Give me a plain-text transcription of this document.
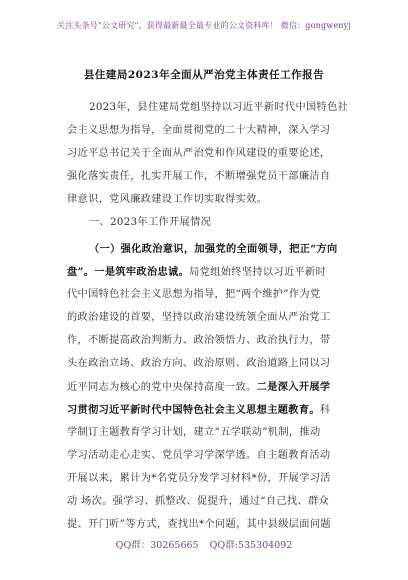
关注头条号"公文研究"，获得最新最全最专业的公文资料库！ 微信：gongwenyj
县住建局2023年全面从严治党主体责任工作报告
2023年，县住建局党组坚持以习近平新时代中国特色社
会主义思想为指导，全面贯彻党的二十大精神，深入学习
习近平总书记关于全面从严治党和作风建设的重要论述，
强化落实责任，扎实开展工作，不断增强党员干部廉洁自
律意识，党风廉政建设工作切实取得实效。
一、2023年工作开展情况
（一）强化政治意识，加强党的全面领导，把正“方向
盘”。一是筑牢政治忠诚。局党组始终坚持以习近平新时
代中国特色社会主义思想为指导，把“两个维护”作为党
的政治建设的首要，坚持以政治建设统领全面从严治党工
作，不断提高政治判断力、政治领悟力、政治执行力，带
头在政治立场、政治方向、政治原则、政治道路上同以习
近平同志为核心的党中央保持高度一致。二是深入开展学
习贯彻习近平新时代中国特色社会主义思想主题教育。科
学制订主题教育学习计划，建立“五学联动”机制，推动
学习活动走心走实、党员学习学深学透。自主题教育活动
开展以来，累计为*名党员分发学习材料*份，开展学习活
动 场次。强学习、抓整改、促提升，通过“自己找、群众
提、开门听”等方式，查找出*个问题，其中县级层面问题
QQ群：30265665 QQ群:535304092
